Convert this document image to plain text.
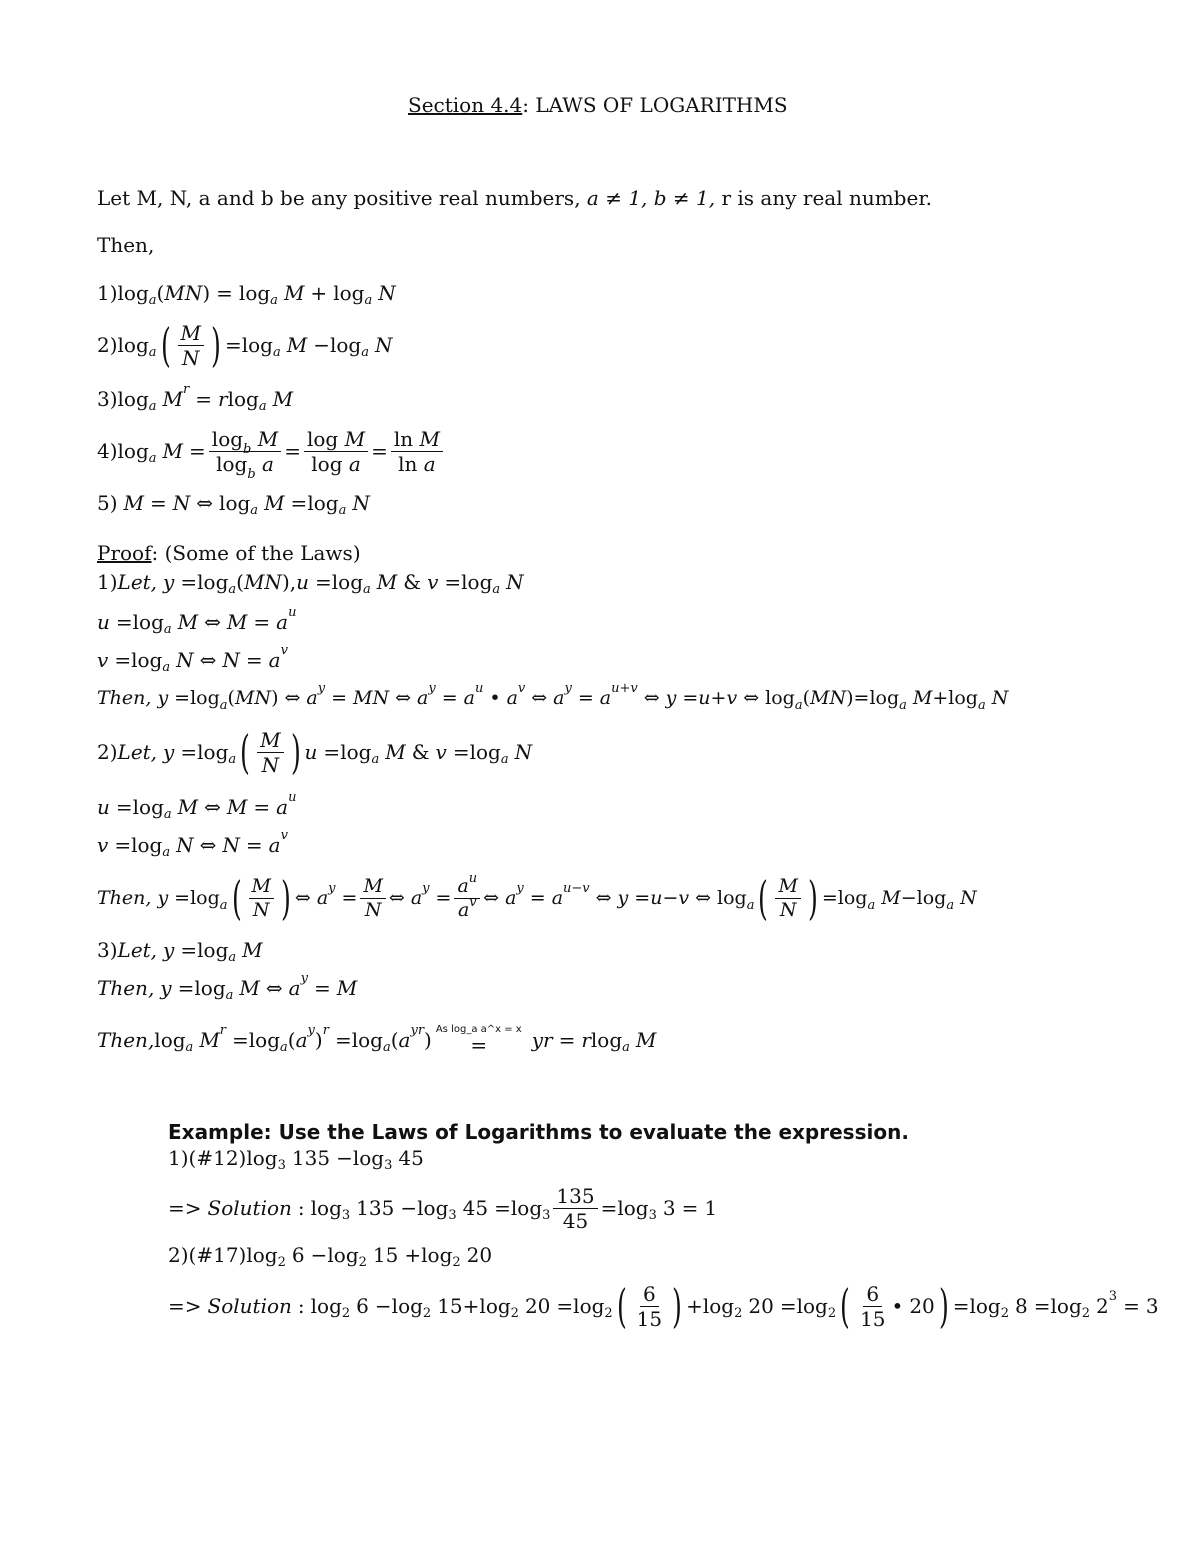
Section 4.4 :
LAWS OF LOGARITHMS
Let M, N, a and b be any positive real numbers,
a ≠ 1,
b ≠ 1,
r is any real number.
Then,
1) log a ( MN ) = log a M + log a N
2) log a ( M
N ) = log a M − log a N
3) log a M r = r log a M
4) log a $M = \frac{\log_b M}{\log_b a} = \frac{\text{log M}}{\text{log a}} = \frac{\text{ln M}}{\text{ln a}}$
5) M = N ⇔ log a M = log a N
Proof : (Some of the Laws)
1) Let, y = log a ( MN ) , u = log a M & v = log a N
u = log a M ⇔ M = a u
v = log a N ⇔ N = a v
Then, y = log a ( MN ) ⇔ a y = MN ⇔ a y = a u • a v ⇔ a y = a u+v ⇔ y = u + v ⇔ log a ( MN ) = log a M + log a N
2) Let, y = log a ( M
N ) u = log a M & v = log a N
u = log a M ⇔ M = a u
v = log a N ⇔ N = a v
Then, y = log a ( M
N ) ⇔ a $y = \frac{M}{N}$ ⇔ a $y = \frac{a^u}{a^v}$ ⇔ a y = a u−v ⇔ y = u − v ⇔ log a ( M
N ) = log a M − log a N
3) Let, y = log a M
Then, y = log a M ⇔ a y = M
Then, log a M r = log a ( a y ) r = log a ( a yr ) As log_a a^x = x
= yr = r log a M
Example: Use the Laws of Logarithms to evaluate the expression.
1) (#12) log 3 135 − log 3 45
=> Solution : log 3 135 − log 3 $45 = \log 3 \frac{135}{45} = \log 3$ 3 = 1
2) (#17) log 2 6 − log 2 15 + log 2 20
=> Solution : log 2 6 − log 2 15 + log 2 20 = log 2 ( 6
15 ) + log 2 20 = log 2 ( 6
15
• 20 ) = log 2 8 = log 2 2 3 = 3
